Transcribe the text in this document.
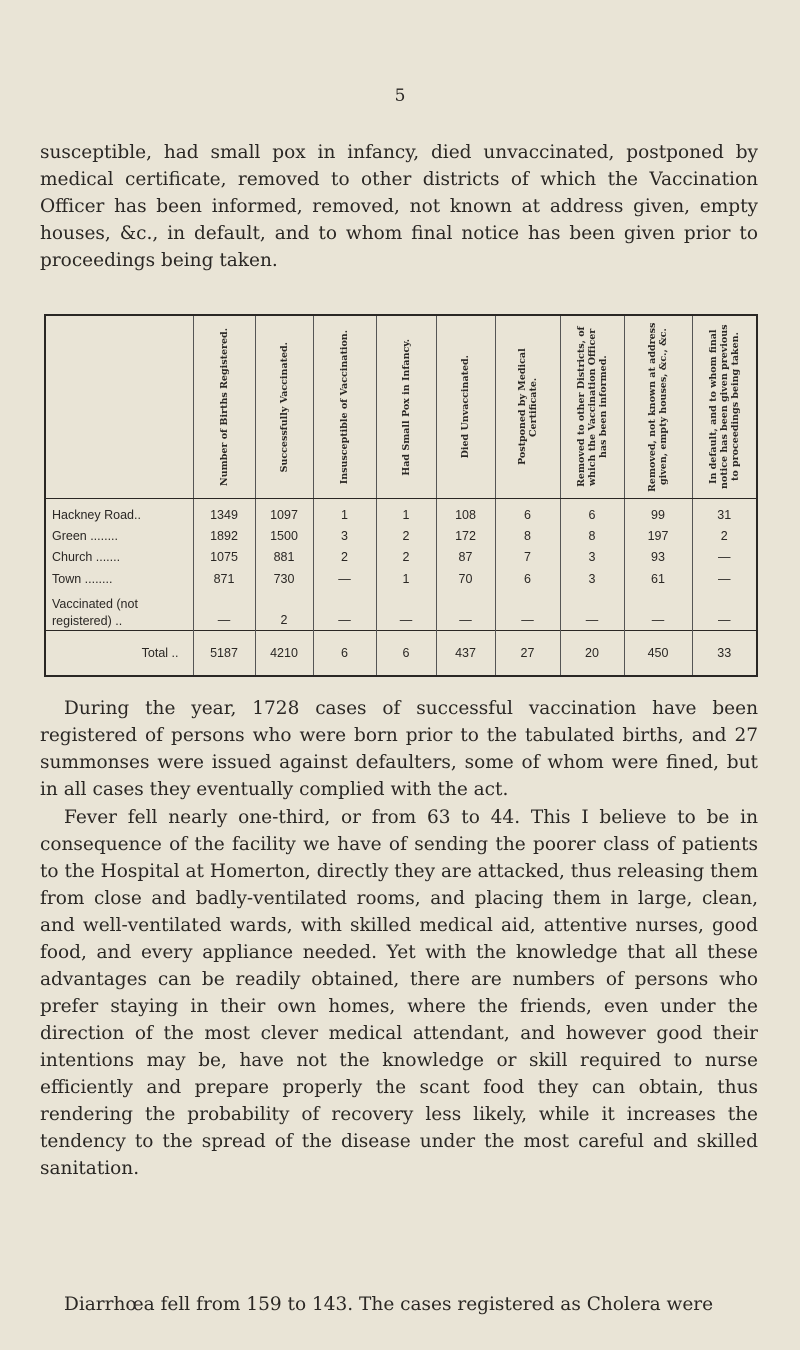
5

susceptible, had small pox in infancy, died unvaccinated, postponed by medical certificate, removed to other districts of which the Vaccination Officer has been informed, removed, not known at address given, empty houses, &c., in default, and to whom final notice has been given prior to proceedings being taken.

	Number of Births Registered.	Successfully Vaccinated.	Insusceptible of Vaccination.	Had Small Pox in Infancy.	Died Unvaccinated.	Postponed by Medical Certificate.	Removed to other Districts, of which the Vaccination Officer has been informed.	Removed, not known at address given, empty houses, &c., &c.	In default, and to whom final notice has been given previous to proceedings being taken.

Hackney Road..	1349	1097	1	1	108	6	6	99	31
Green ........	1892	1500	3	2	172	8	8	197	2
Church .......	1075	881	2	2	87	7	3	93	—
Town ........	871	730	—	1	70	6	3	61	—
Vaccinated (not registered) ..	—	2	—	—	—	—	—	—	—
Total ..	5187	4210	6	6	437	27	20	450	33

During the year, 1728 cases of successful vaccination have been registered of persons who were born prior to the tabulated births, and 27 summonses were issued against defaulters, some of whom were fined, but in all cases they eventually complied with the act.

Fever fell nearly one-third, or from 63 to 44. This I believe to be in consequence of the facility we have of sending the poorer class of patients to the Hospital at Homerton, directly they are attacked, thus releasing them from close and badly-ventilated rooms, and placing them in large, clean, and well-ventilated wards, with skilled medical aid, attentive nurses, good food, and every appliance needed. Yet with the knowledge that all these advantages can be readily obtained, there are numbers of persons who prefer staying in their own homes, where the friends, even under the direction of the most clever medical attendant, and however good their intentions may be, have not the knowledge or skill required to nurse efficiently and prepare properly the scant food they can obtain, thus rendering the probability of recovery less likely, while it increases the tendency to the spread of the disease under the most careful and skilled sanitation.

Diarrhœa fell from 159 to 143. The cases registered as Cholera were
